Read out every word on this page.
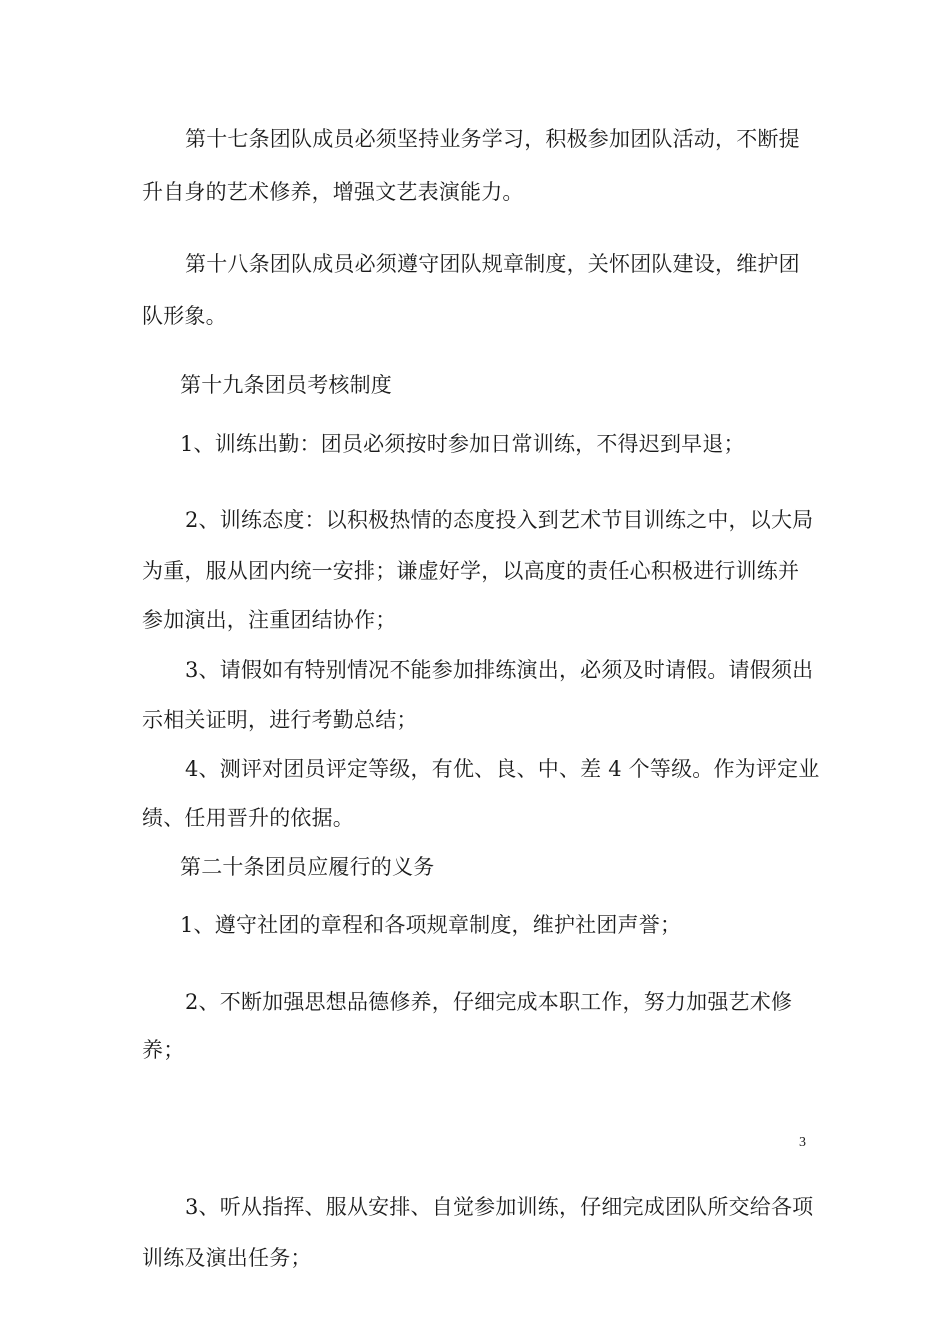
第十七条团队成员必须坚持业务学习，积极参加团队活动，不断提
升自身的艺术修养，增强文艺表演能力。
第十八条团队成员必须遵守团队规章制度，关怀团队建设，维护团
队形象。
第十九条团员考核制度
1、训练出勤：团员必须按时参加日常训练，不得迟到早退；
2、训练态度：以积极热情的态度投入到艺术节目训练之中，以大局
为重，服从团内统一安排；谦虚好学，以高度的责任心积极进行训练并
参加演出，注重团结协作；
3、请假如有特别情况不能参加排练演出，必须及时请假。请假须出
示相关证明，进行考勤总结；
4、测评对团员评定等级，有优、良、中、差 4 个等级。作为评定业
绩、任用晋升的依据。
第二十条团员应履行的义务
1、遵守社团的章程和各项规章制度，维护社团声誉；
2、不断加强思想品德修养，仔细完成本职工作，努力加强艺术修
养；
3
3、听从指挥、服从安排、自觉参加训练，仔细完成团队所交给各项
训练及演出任务；
